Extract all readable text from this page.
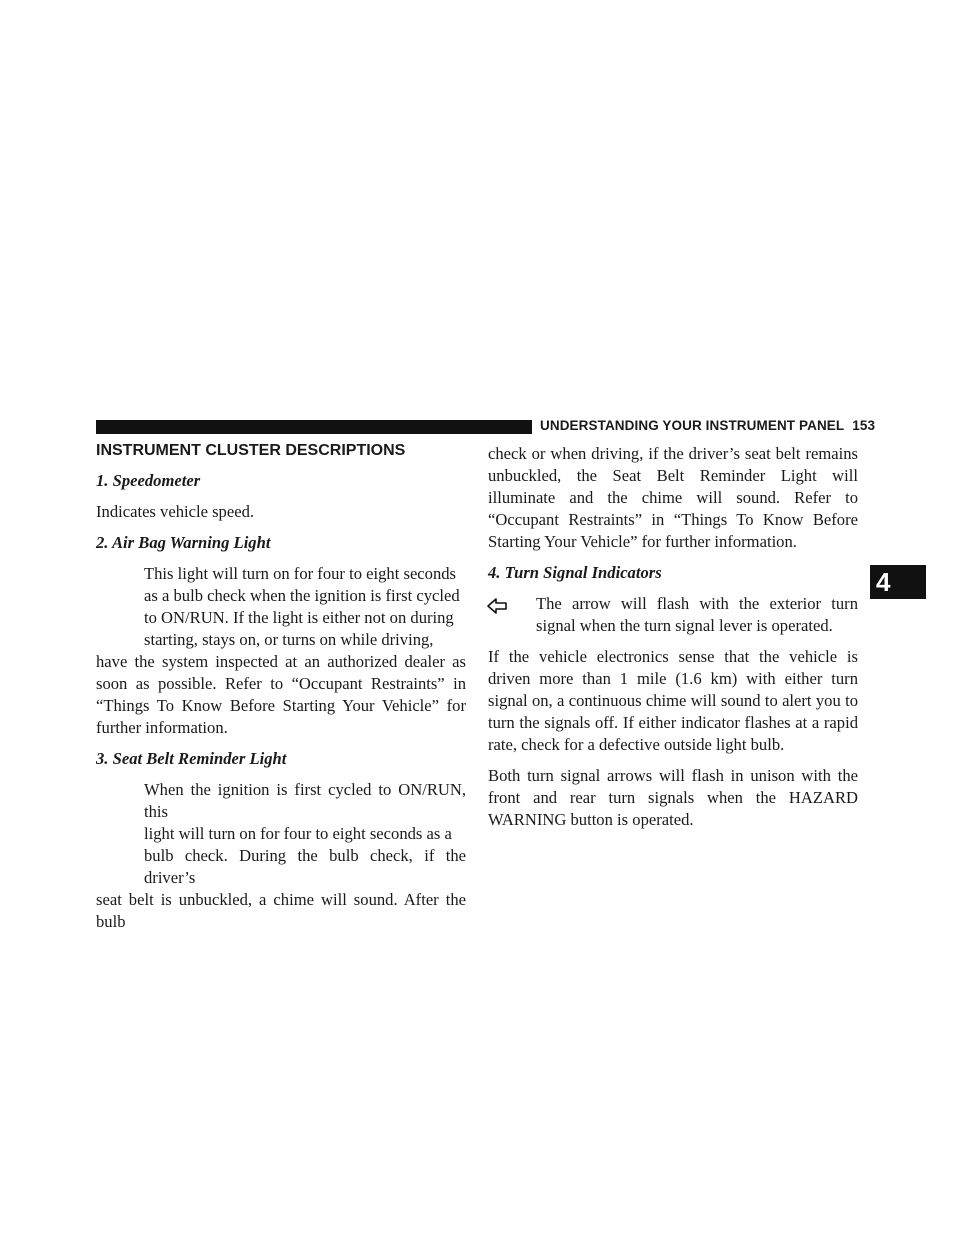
UNDERSTANDING YOUR INSTRUMENT PANEL 153
4
INSTRUMENT CLUSTER DESCRIPTIONS
1. Speedometer
Indicates vehicle speed.
2. Air Bag Warning Light
This light will turn on for four to eight seconds
as a bulb check when the ignition is first cycled
to ON/RUN. If the light is either not on during
starting, stays on, or turns on while driving,
have the system inspected at an authorized dealer as soon as possible. Refer to “Occupant Restraints” in “Things To Know Before Starting Your Vehicle” for further information.
3. Seat Belt Reminder Light
When the ignition is first cycled to ON/RUN, this
light will turn on for four to eight seconds as a
bulb check. During the bulb check, if the driver’s
seat belt is unbuckled, a chime will sound. After the bulb
check or when driving, if the driver’s seat belt remains unbuckled, the Seat Belt Reminder Light will illuminate and the chime will sound. Refer to “Occupant Restraints” in “Things To Know Before Starting Your Vehicle” for further information.
4. Turn Signal Indicators
The arrow will flash with the exterior turn signal when the turn signal lever is operated.
If the vehicle electronics sense that the vehicle is driven more than 1 mile (1.6 km) with either turn signal on, a continuous chime will sound to alert you to turn the signals off. If either indicator flashes at a rapid rate, check for a defective outside light bulb.
Both turn signal arrows will flash in unison with the front and rear turn signals when the HAZARD WARNING button is operated.
